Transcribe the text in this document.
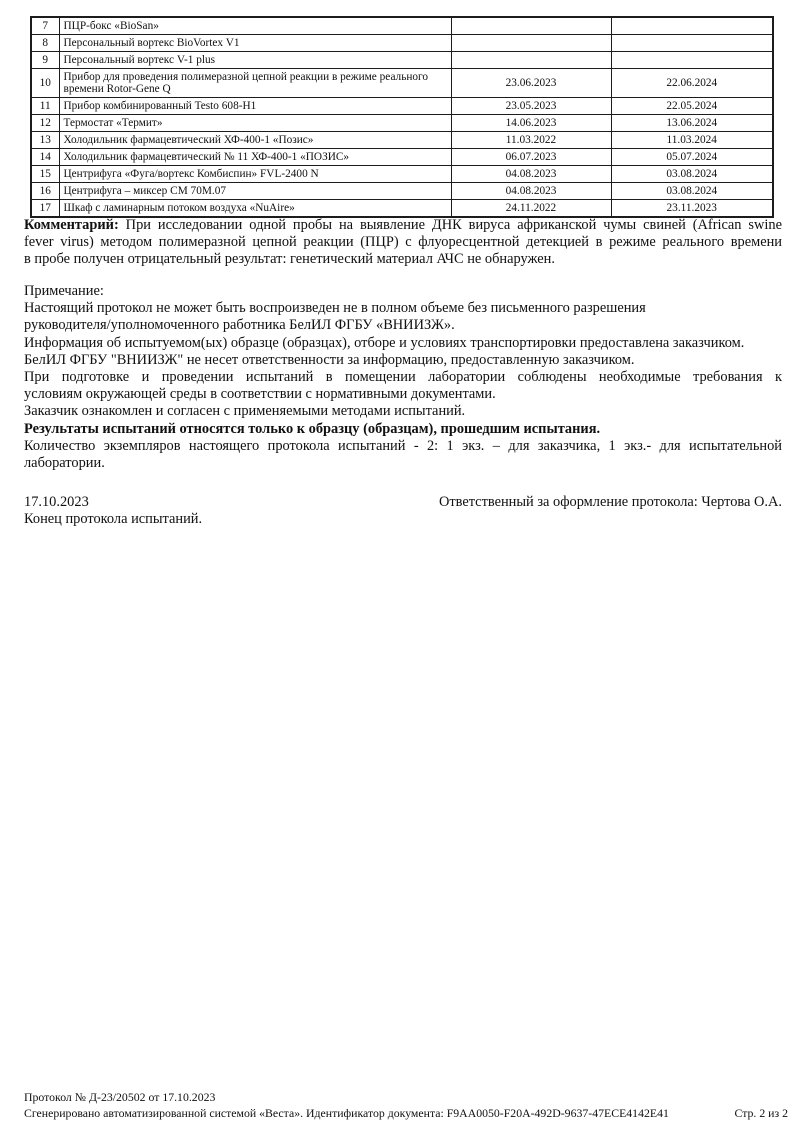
7	ПЦР-бокс «BioSan»		
8	Персональный вортекс BioVortex V1		
9	Персональный вортекс V-1 plus		
10	Прибор для проведения полимеразной цепной реакции в режиме реального времени Rotor-Gene Q	23.06.2023	22.06.2024
11	Прибор комбинированный Testo 608-H1	23.05.2023	22.05.2024
12	Термостат «Термит»	14.06.2023	13.06.2024
13	Холодильник фармацевтический ХФ-400-1 «Позис»	11.03.2022	11.03.2024
14	Холодильник фармацевтический № 11 ХФ-400-1 «ПОЗИС»	06.07.2023	05.07.2024
15	Центрифуга «Фуга/вортекс Комбиспин» FVL-2400 N	04.08.2023	03.08.2024
16	Центрифуга – миксер СМ 70М.07	04.08.2023	03.08.2024
17	Шкаф с ламинарным потоком воздуха «NuAire»	24.11.2022	23.11.2023
Комментарий: При исследовании одной пробы на выявление ДНК вируса африканской чумы свиней (African swine
fever virus) методом полимеразной цепной реакции (ПЦР) с флуоресцентной детекцией в режиме реального времени
в пробе получен отрицательный результат: генетический материал АЧС не обнаружен.
Примечание:
Настоящий протокол не может быть воспроизведен не в полном объеме без письменного разрешения
руководителя/уполномоченного работника БелИЛ ФГБУ «ВНИИЗЖ».
Информация об испытуемом(ых) образце (образцах), отборе и условиях транспортировки предоставлена заказчиком.
БелИЛ ФГБУ "ВНИИЗЖ" не несет ответственности за информацию, предоставленную заказчиком.
При подготовке и проведении испытаний в помещении лаборатории соблюдены необходимые требования к
условиям окружающей среды в соответствии с нормативными документами.
Заказчик ознакомлен и согласен с применяемыми методами испытаний.
Результаты испытаний относятся только к образцу (образцам), прошедшим испытания.
Количество экземпляров настоящего протокола испытаний - 2: 1 экз. – для заказчика, 1 экз.- для испытательной
лаборатории.
17.10.2023	Ответственный за оформление протокола: Чертова О.А.
Конец протокола испытаний.
Протокол № Д-23/20502 от 17.10.2023
Сгенерировано автоматизированной системой «Веста». Идентификатор документа: F9AA0050-F20A-492D-9637-47ECE4142E41	Стр. 2 из 2
